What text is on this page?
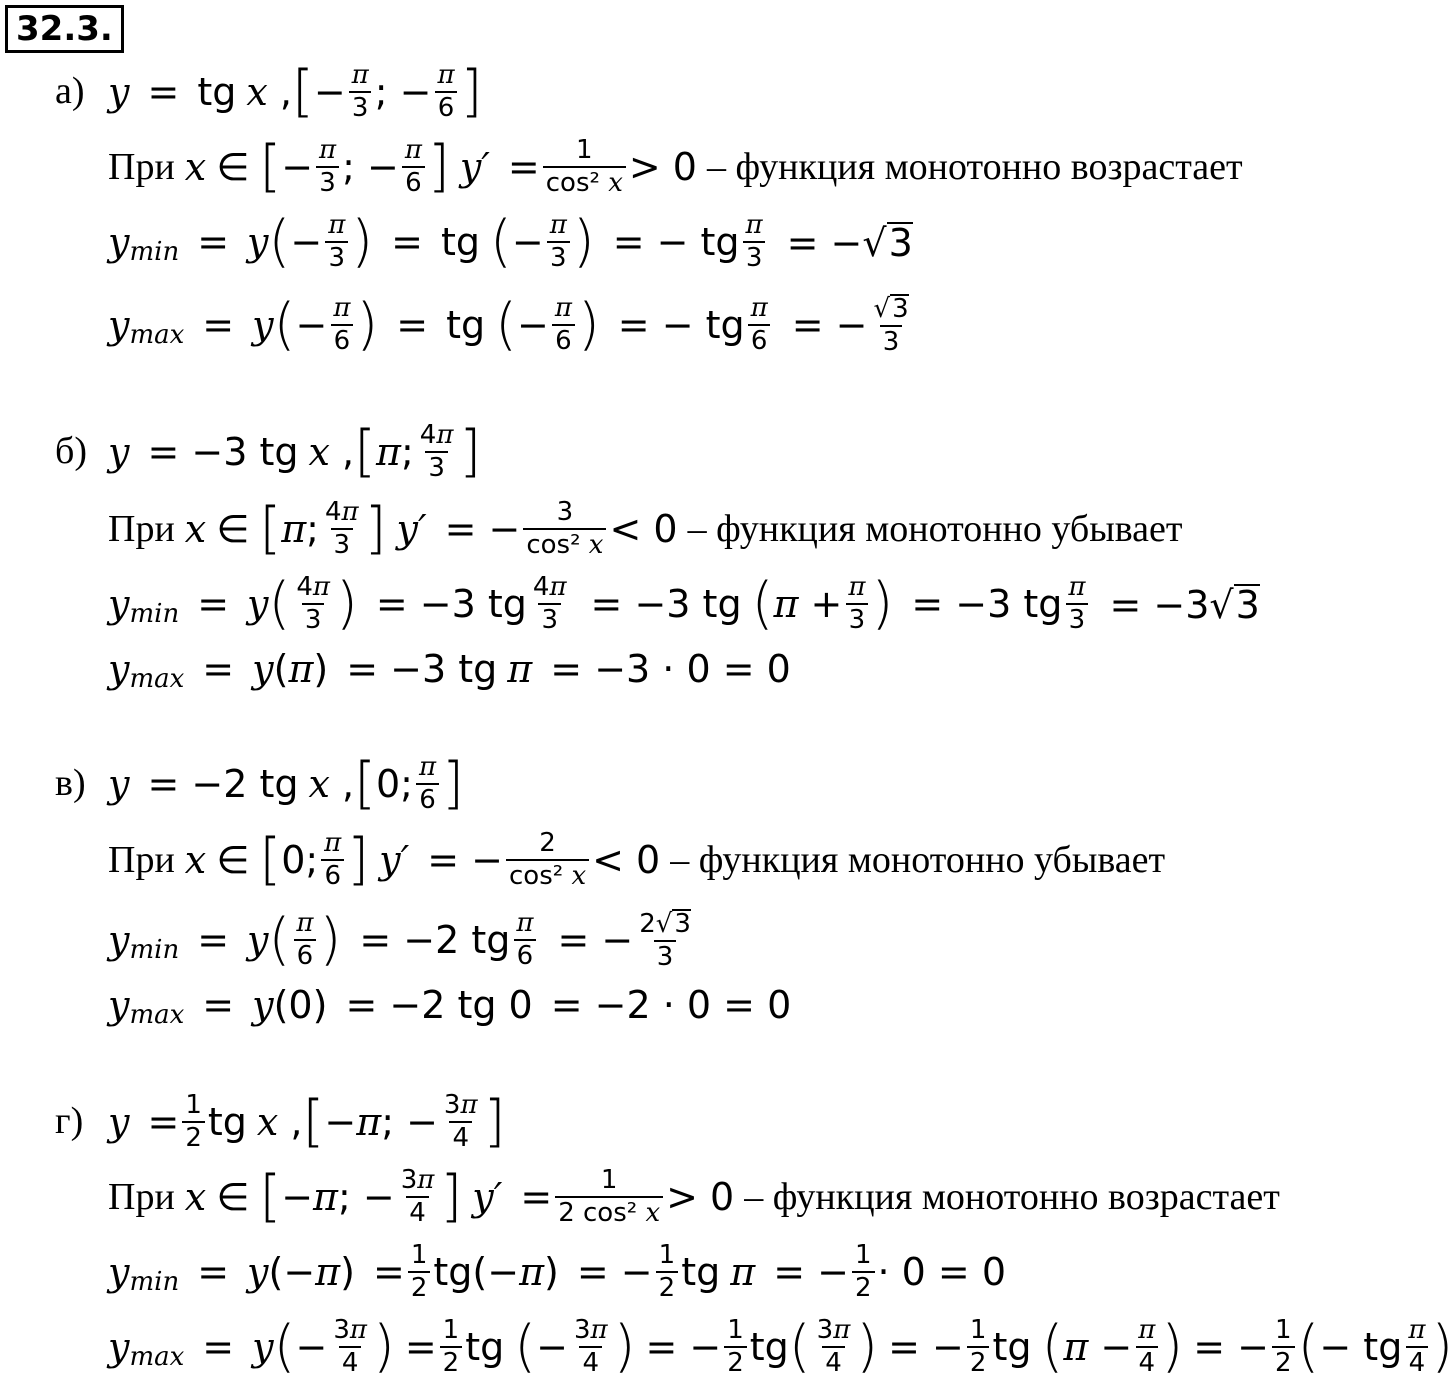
32.3.
а) y = tg x , [ − $\frac{\pi}{3}$ ; − $\frac{\pi}{6}$ ]
При x ∈ [ − $\frac{\pi}{3}$ ; − $\frac{\pi}{6}$ ] $y' = \frac{1}{\text{cos² x}} > 0$ – функция монотонно возрастает
y min = y ( − $\frac{\pi}{3}$ ) = tg ( − $\frac{\pi}{3}$ ) = − tg $\frac{\pi}{3} = -√3$
y max = y ( − $\frac{\pi}{6}$ ) = tg ( − $\frac{\pi}{6}$ ) = − tg $\frac{\pi}{6}$ = − $\frac{√3}{3}$
б) y = −3 tg x , [ π ; $\frac{4\pi}{3}$ ]
При x ∈ [ π ; $\frac{4\pi}{3}$ ] y′ = − $\frac{3}{\text{cos² x}} < 0$ – функция монотонно убывает
y min = y ( $\frac{4\pi}{3}$ ) = −3 tg $\frac{4\pi}{3} = -3$ tg ( $\pi + \frac{\pi}{3}$ ) = −3 tg $\frac{\pi}{3} = -3√3$
y max = y ( π ) = −3 tg π = −3 · 0 = 0
в) y = −2 tg x , [ 0; $\frac{\pi}{6}$ ]
При x ∈ [ 0; $\frac{\pi}{6}$ ] y′ = − $\frac{2}{\text{cos² x}} < 0$ – функция монотонно убывает
y min = y ( $\frac{\pi}{6}$ ) = −2 tg $\frac{\pi}{6}$ = − $\frac{2√3}{3}$
y max = y (0) = −2 tg 0 = −2 · 0 = 0
г) $y = \frac{1}{2}$ tg x , [ − π ; − $\frac{3\pi}{4}$ ]
При x ∈ [ − π ; − $\frac{3\pi}{4}$ ] $y' = \frac{1}{\text{2 cos² x}} > 0$ – функция монотонно возрастает
y min = y (− π ) = $\frac{1}{2} tg(- \pi$ ) = − $\frac{1}{2}$ tg π = − $\frac{1}{2} \cdot 0 = 0$
y max = y ( − $\frac{3\pi}{4}$ ) = $\frac{1}{2}$ tg ( − $\frac{3\pi}{4}$ ) = − $\frac{1}{2}$ tg ( $\frac{3\pi}{4}$ ) = − $\frac{1}{2}$ tg ( $\pi - \frac{\pi}{4}$ ) = − $\frac{1}{2}$ ( − tg $\frac{\pi}{4}$ )
